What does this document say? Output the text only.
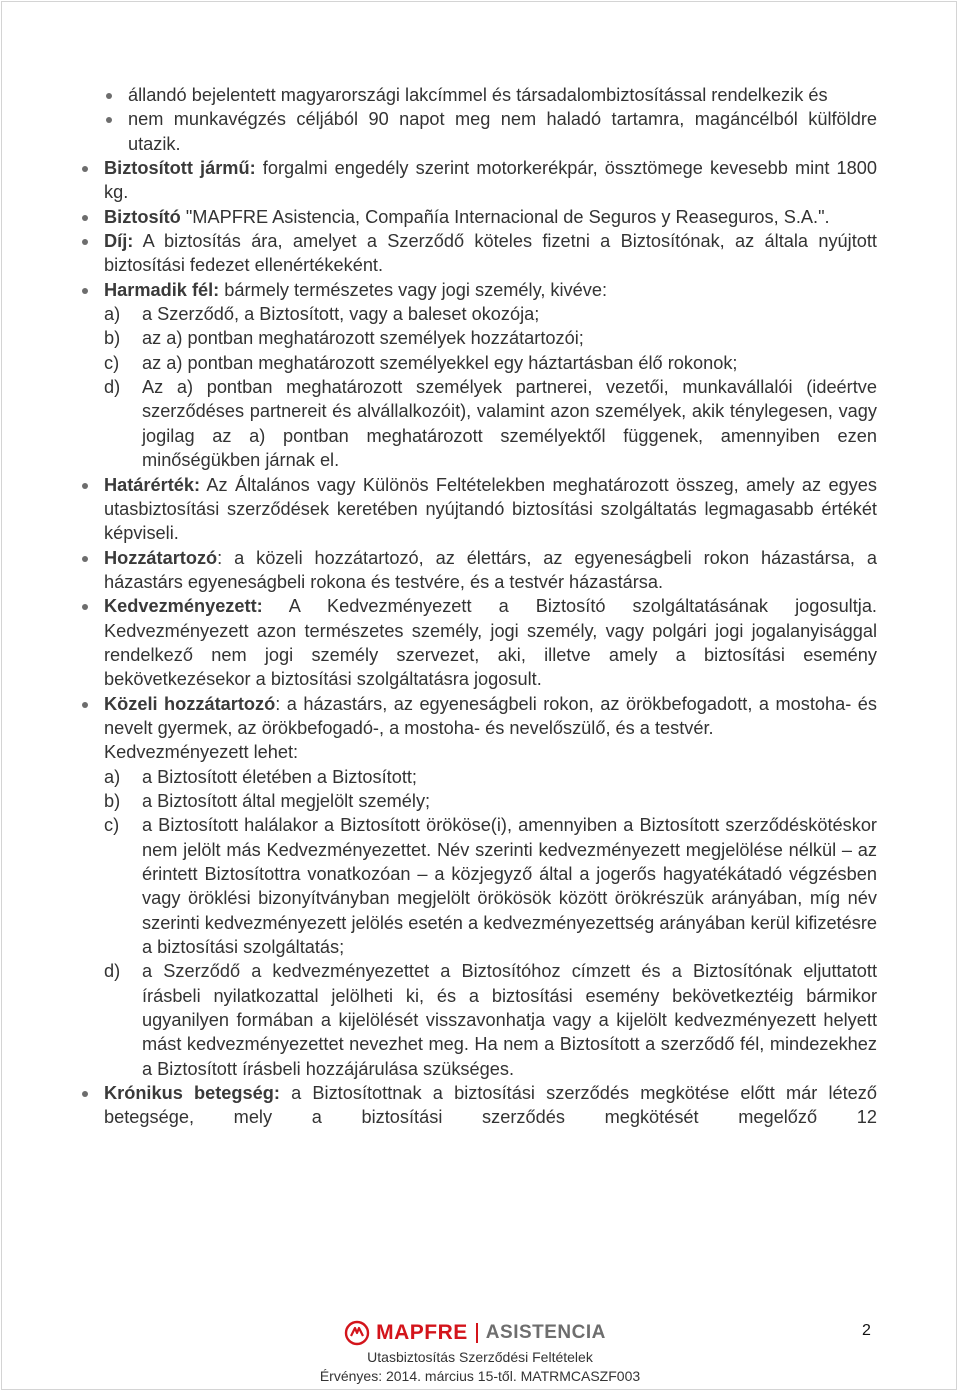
állandó bejelentett magyarországi lakcímmel és társadalombiztosítással rendelkezik és
nem munkavégzés céljából 90 napot meg nem haladó tartamra, magáncélból külföldre utazik.
Biztosított jármű: forgalmi engedély szerint motorkerékpár, össztömege kevesebb mint 1800 kg.
Biztosító "MAPFRE Asistencia, Compañía Internacional de Seguros y Reaseguros, S.A.".
Díj: A biztosítás ára, amelyet a Szerződő köteles fizetni a Biztosítónak, az általa nyújtott biztosítási fedezet ellenértékeként.
Harmadik fél: bármely természetes vagy jogi személy, kivéve:
a) a Szerződő, a Biztosított, vagy a baleset okozója;
b) az a) pontban meghatározott személyek hozzátartozói;
c) az a) pontban meghatározott személyekkel egy háztartásban élő rokonok;
d) Az a) pontban meghatározott személyek partnerei, vezetői, munkavállalói (ideértve szerződéses partnereit és alvállalkozóit), valamint azon személyek, akik ténylegesen, vagy jogilag az a) pontban meghatározott személyektől függenek, amennyiben ezen minőségükben járnak el.
Határérték: Az Általános vagy Különös Feltételekben meghatározott összeg, amely az egyes utasbiztosítási szerződések keretében nyújtandó biztosítási szolgáltatás legmagasabb értékét képviseli.
Hozzátartozó: a közeli hozzátartozó, az élettárs, az egyeneságbeli rokon házastársa, a házastárs egyeneságbeli rokona és testvére, és a testvér házastársa.
Kedvezményezett: A Kedvezményezett a Biztosító szolgáltatásának jogosultja. Kedvezményezett azon természetes személy, jogi személy, vagy polgári jogi jogalanyisággal rendelkező nem jogi személy szervezet, aki, illetve amely a biztosítási esemény bekövetkezésekor a biztosítási szolgáltatásra jogosult.
Közeli hozzátartozó: a házastárs, az egyeneságbeli rokon, az örökbefogadott, a mostoha- és nevelt gyermek, az örökbefogadó-, a mostoha- és nevelőszülő, és a testvér.
Kedvezményezett lehet:
a) a Biztosított életében a Biztosított;
b) a Biztosított által megjelölt személy;
c) a Biztosított halálakor a Biztosított örököse(i), amennyiben a Biztosított szerződéskötéskor nem jelölt más Kedvezményezettet. Név szerinti kedvezményezett megjelölése nélkül – az érintett Biztosítottra vonatkozóan – a közjegyző által a jogerős hagyatékátadó végzésben vagy öröklési bizonyítványban megjelölt örökösök között örökrészük arányában, míg név szerinti kedvezményezett jelölés esetén a kedvezményezettség arányában kerül kifizetésre a biztosítási szolgáltatás;
d) a Szerződő a kedvezményezettet a Biztosítóhoz címzett és a Biztosítónak eljuttatott írásbeli nyilatkozattal jelölheti ki, és a biztosítási esemény bekövetkeztéig bármikor ugyanilyen formában a kijelölését visszavonhatja vagy a kijelölt kedvezményezett helyett mást kedvezményezettet nevezhet meg. Ha nem a Biztosított a szerződő fél, mindezekhez a Biztosított írásbeli hozzájárulása szükséges.
Krónikus betegség: a Biztosítottnak a biztosítási szerződés megkötése előtt már létező betegsége, mely a biztosítási szerződés megkötését megelőző 12
MAPFRE ASISTENCIA
Utasbiztosítás Szerződési Feltételek
Érvényes: 2014. március 15-től. MATRMCASZF003
2
